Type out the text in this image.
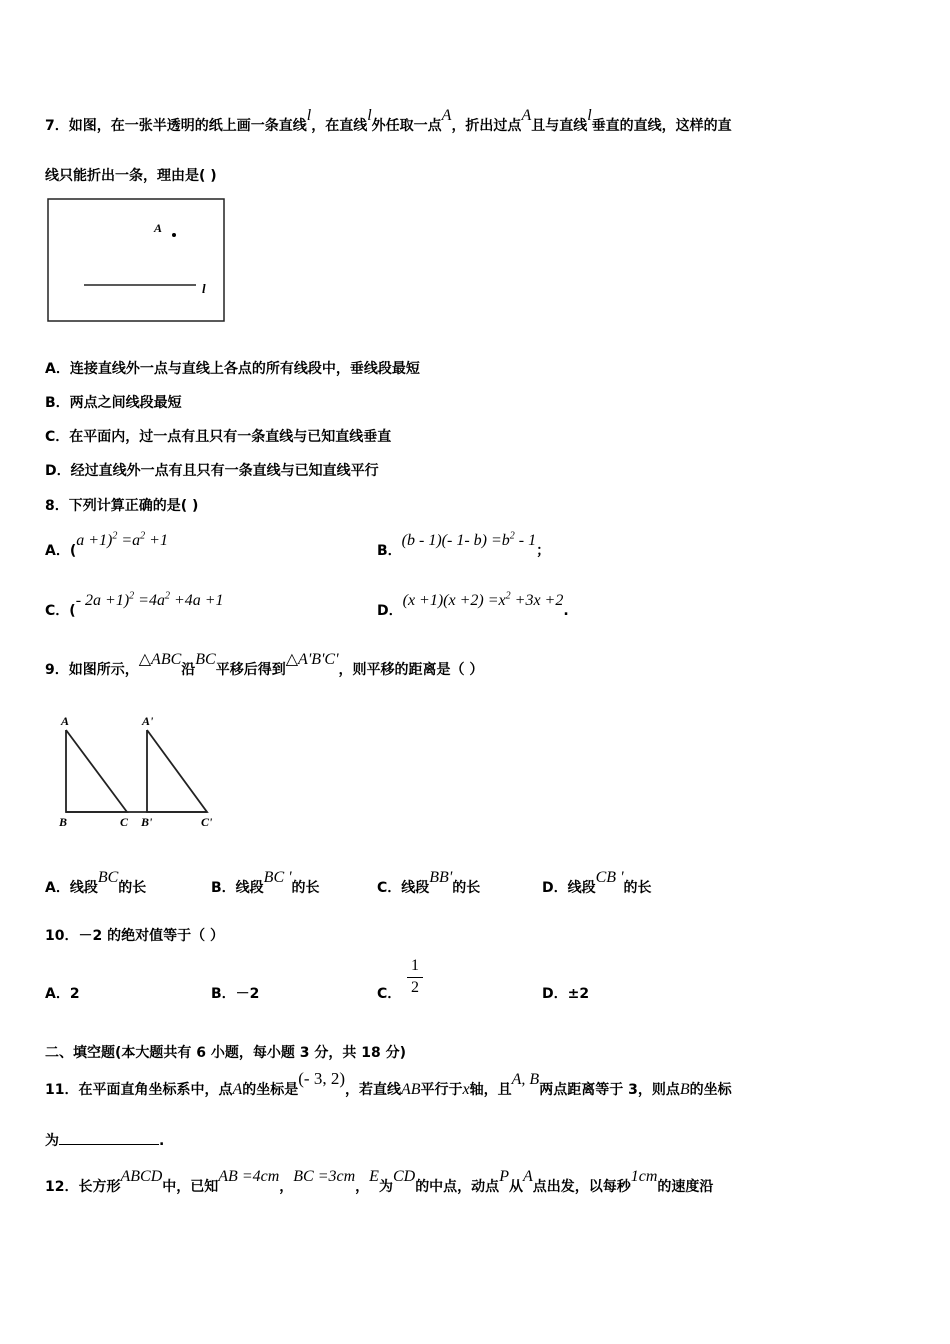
7．如图，在一张半透明的纸上画一条直线l，在直线l外任取一点A，折出过点A且与直线l垂直的直线，这样的直
线只能折出一条，理由是( )
A
l
A．连接直线外一点与直线上各点的所有线段中，垂线段最短
B．两点之间线段最短
C．在平面内，过一点有且只有一条直线与已知直线垂直
D．经过直线外一点有且只有一条直线与已知直线平行
8．下列计算正确的是( )
A．$(a +1)^2 =a^2 +1$
B．(b - 1)(- 1- $b) =b^2 - 1$；
C．(- $2a +1)^2 =4a^2 +4a +1$
D．$(x +1)(x +2) =x^2 +3x +2$.
9．如图所示，△ABC沿BC平移后得到△A'B'C'，则平移的距离是（ ）
A
B	C
A'
B'	C'
A．线段BC的长	B．线段BC '的长	C．线段BB'的长	D．线段CB '的长
10．－2 的绝对值等于（ ）
A．2	B．－2	C．
1
2	D．±2
二、填空题(本大题共有 6 小题，每小题 3 分，共 18 分)
11．在平面直角坐标系中，点A的坐标是(- 3, 2)，若直线AB平行于x轴，且A, B两点距离等于 3，则点B的坐标
为	.
12．长方形ABCD中，已知AB =4cm，BC =3cm，E为CD的中点，动点P从A点出发，以每秒1cm的速度沿
